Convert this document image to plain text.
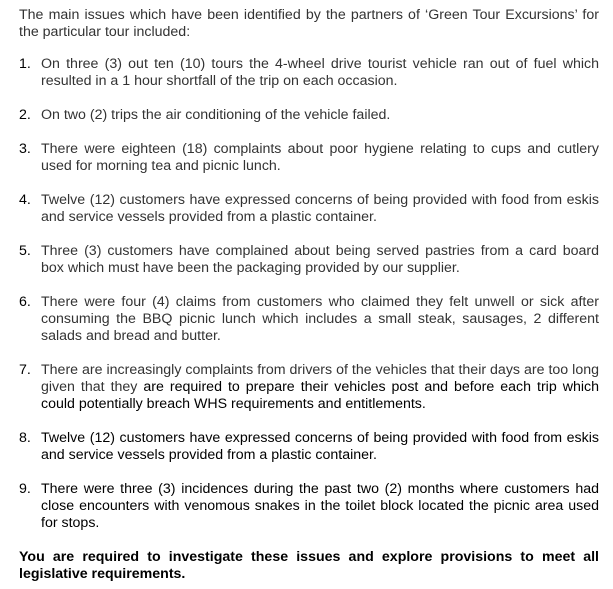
The main issues which have been identified by the partners of ‘Green Tour Excursions’ for the particular tour included:

1. On three (3) out ten (10) tours the 4-wheel drive tourist vehicle ran out of fuel which resulted in a 1 hour shortfall of the trip on each occasion.
2. On two (2) trips the air conditioning of the vehicle failed.
3. There were eighteen (18) complaints about poor hygiene relating to cups and cutlery used for morning tea and picnic lunch.
4. Twelve (12) customers have expressed concerns of being provided with food from eskis and service vessels provided from a plastic container.
5. Three (3) customers have complained about being served pastries from a card board box which must have been the packaging provided by our supplier.
6. There were four (4) claims from customers who claimed they felt unwell or sick after consuming the BBQ picnic lunch which includes a small steak, sausages, 2 different salads and bread and butter.
7. There are increasingly complaints from drivers of the vehicles that their days are too long given that they are required to prepare their vehicles post and before each trip which could potentially breach WHS requirements and entitlements.
8. Twelve (12) customers have expressed concerns of being provided with food from eskis and service vessels provided from a plastic container.
9. There were three (3) incidences during the past two (2) months where customers had close encounters with venomous snakes in the toilet block located the picnic area used for stops.

You are required to investigate these issues and explore provisions to meet all legislative requirements.
